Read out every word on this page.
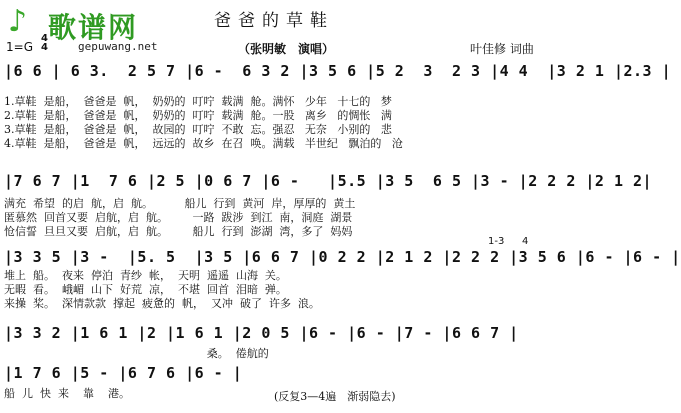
♪ 歌谱网
gepuwang.net
爸爸的草鞋
1=G
4
4	（张明敏　演唱）	叶佳修 词曲
|6 6 | 6 3.  2 5 7 |6 -  6 3 2 |3 5 6 |5 2  3  2 3 |4 4  |3 2 1 |2.3 |
1.草鞋  是船，  爸爸是  帆，  奶奶的  叮咛  载满  舱。满怀   少年   十七的   梦
2.草鞋  是船，  爸爸是  帆，  奶奶的  叮咛  载满  舱。一股   离乡   的惆怅   满
3.草鞋  是船，  爸爸是  帆，  故园的  叮咛  不敢  忘。强忍   无奈   小别的   悲
4.草鞋  是船，  爸爸是  帆，  远远的  故乡  在召  唤。满载   半世纪   飘泊的   沧
|7 6 7 |1  7 6 |2 5 |0 6 7 |6 -   |5.5 |3 5  6 5 |3 - |2 2 2 |2 1 2|
满充  希望  的启  航，启  航。         船儿  行到  黄河  岸，厚厚的  黄土
匿慕然  回首又要  启航，启  航。       一路  跋涉  到江  南，洞庭  湖景
怆信誓  旦旦又要  启航，启  航。       船儿  行到  澎湖  湾，多了  妈妈
1-3 4
|3 3 5 |3 -  |5. 5  |3 5 |6 6 7 |0 2 2 |2 1 2 |2 2 2 |3 5 6 |6 - |6 - |
堆上  船。  夜来  停泊  青纱  帐，  天明  遥遥  山海  关。
无暇  看。  峨嵋  山下  好荒  凉，  不堪  回首  泪暗  弹。
来操  桨。  深情款款  撑起  疲惫的  帆，  又冲  破了  许多  浪。
|3 3 2 |1 6 1 |2 |1 6 1 |2 0 5 |6 - |6 - |7 - |6 6 7 |
桑。  倦航的
|1 7 6 |5 - |6 7 6 |6 - |
船  儿  快  来    靠    港。	(反复3—4遍　渐弱隐去)
